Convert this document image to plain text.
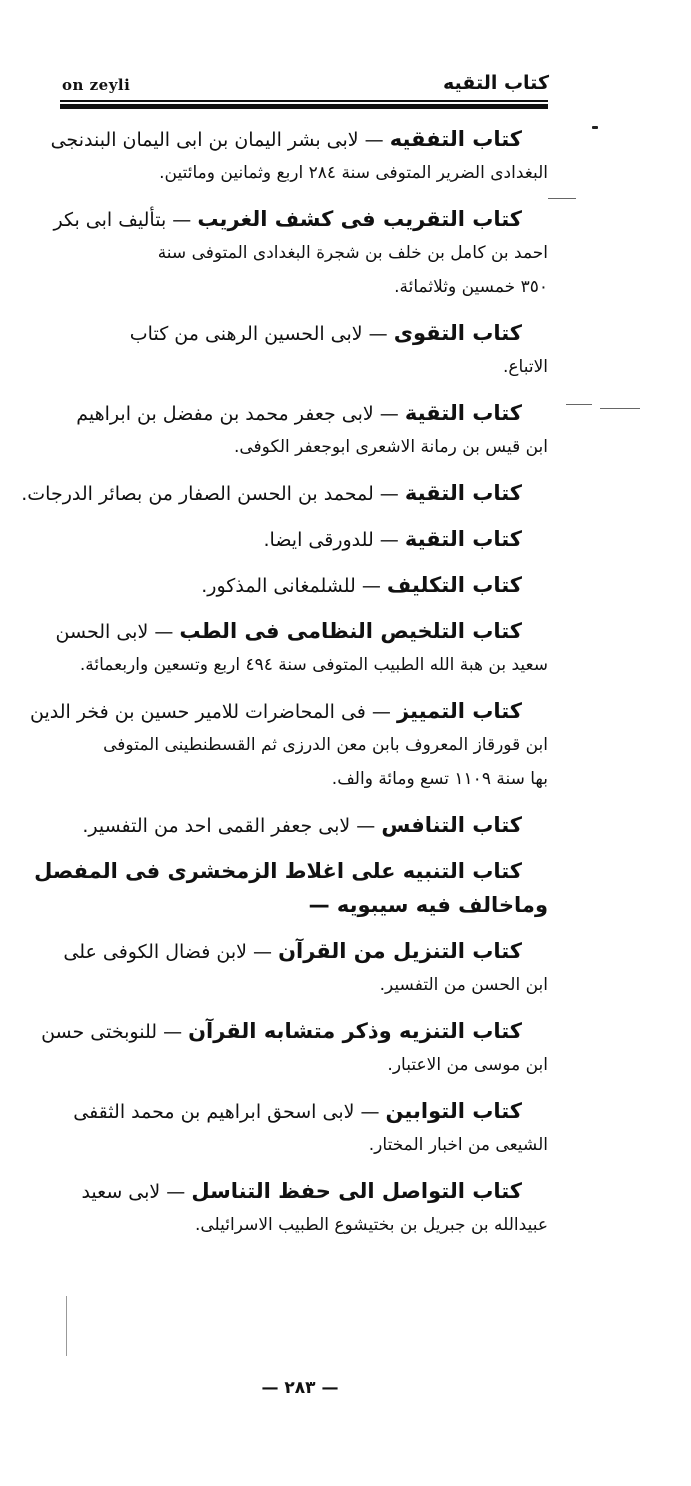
on zeyli	كتاب التقيه
كتاب التفقيه — لابى بشر اليمان بن ابى اليمان البندنجى
البغدادى الضرير المتوفى سنة ٢٨٤ اربع وثمانين ومائتين.
كتاب التقريب فى كشف الغريب — بتأليف ابى بكر
احمد بن كامل بن خلف بن شجرة البغدادى المتوفى سنة
٣٥٠ خمسين وثلاثمائة.
كتاب التقوى — لابى الحسين الرهنى من كتاب
الاتباع.
كتاب التقية — لابى جعفر محمد بن مفضل بن ابراهيم
ابن قيس بن رمانة الاشعرى ابوجعفر الكوفى.
كتاب التقية — لمحمد بن الحسن الصفار من بصائر الدرجات.
كتاب التقية — للدورقى ايضا.
كتاب التكليف — للشلمغانى المذكور.
كتاب التلخيص النظامى فى الطب — لابى الحسن
سعيد بن هبة الله الطبيب المتوفى سنة ٤٩٤ اربع وتسعين واربعمائة.
كتاب التمييز — فى المحاضرات للامير حسين بن فخر الدين
ابن قورقاز المعروف بابن معن الدرزى ثم القسطنطينى المتوفى
بها سنة ١١٠٩ تسع ومائة والف.
كتاب التنافس — لابى جعفر القمى احد من التفسير.
كتاب التنبيه على اغلاط الزمخشرى فى المفصل
وماخالف فيه سيبويه —
كتاب التنزيل من القرآن — لابن فضال الكوفى على
ابن الحسن من التفسير.
كتاب التنزيه وذكر متشابه القرآن — للنوبختى حسن
ابن موسى من الاعتبار.
كتاب التوابين — لابى اسحق ابراهيم بن محمد الثقفى
الشيعى من اخبار المختار.
كتاب التواصل الى حفظ التناسل — لابى سعيد
عبيدالله بن جبريل بن بختيشوع الطبيب الاسرائيلى.
— ٢٨٣ —
